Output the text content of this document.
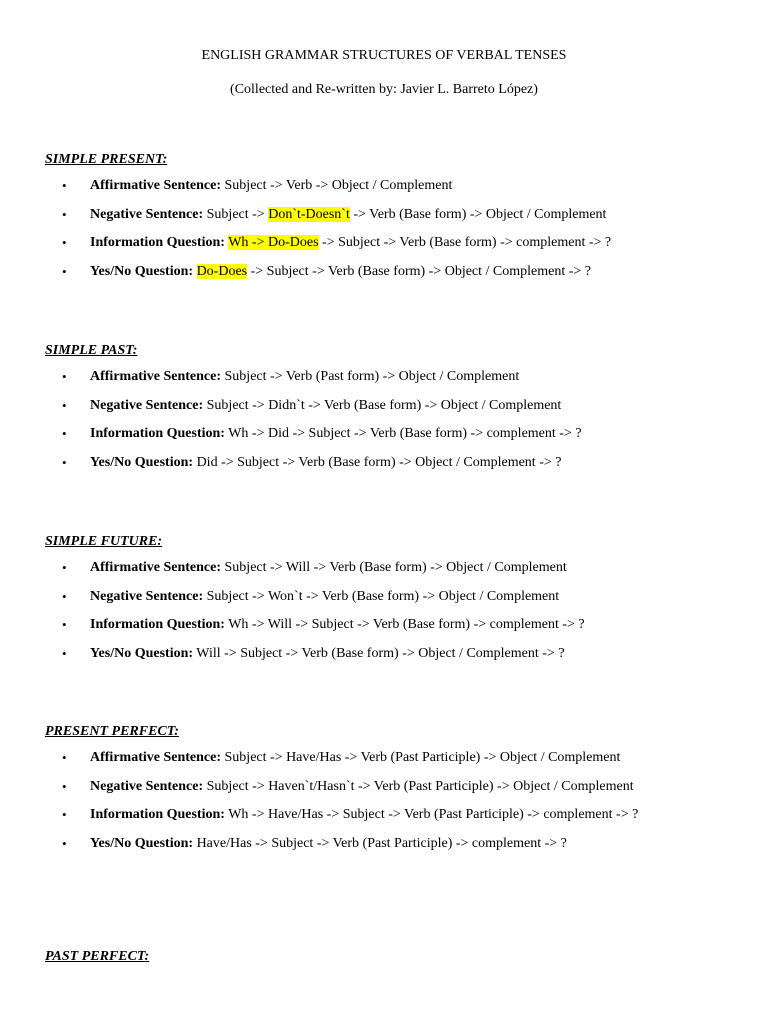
ENGLISH GRAMMAR STRUCTURES OF VERBAL TENSES
(Collected and Re-written by: Javier L. Barreto López)
SIMPLE PRESENT:
• Affirmative Sentence: Subject -> Verb -> Object / Complement
• Negative Sentence: Subject -> Don`t-Doesn`t -> Verb (Base form) -> Object / Complement
• Information Question: Wh -> Do-Does -> Subject -> Verb (Base form) -> complement -> ?
• Yes/No Question: Do-Does -> Subject -> Verb (Base form) -> Object / Complement -> ?
SIMPLE PAST:
• Affirmative Sentence: Subject -> Verb (Past form) -> Object / Complement
• Negative Sentence: Subject -> Didn`t -> Verb (Base form) -> Object / Complement
• Information Question: Wh -> Did -> Subject -> Verb (Base form) -> complement -> ?
• Yes/No Question: Did -> Subject -> Verb (Base form) -> Object / Complement -> ?
SIMPLE FUTURE:
• Affirmative Sentence: Subject -> Will -> Verb (Base form) -> Object / Complement
• Negative Sentence: Subject -> Won`t -> Verb (Base form) -> Object / Complement
• Information Question: Wh -> Will -> Subject -> Verb (Base form) -> complement -> ?
• Yes/No Question: Will -> Subject -> Verb (Base form) -> Object / Complement -> ?
PRESENT PERFECT:
• Affirmative Sentence: Subject -> Have/Has -> Verb (Past Participle) -> Object / Complement
• Negative Sentence: Subject -> Haven`t/Hasn`t -> Verb (Past Participle) -> Object / Complement
• Information Question: Wh -> Have/Has -> Subject -> Verb (Past Participle) -> complement -> ?
• Yes/No Question: Have/Has -> Subject -> Verb (Past Participle) -> complement -> ?
PAST PERFECT:
